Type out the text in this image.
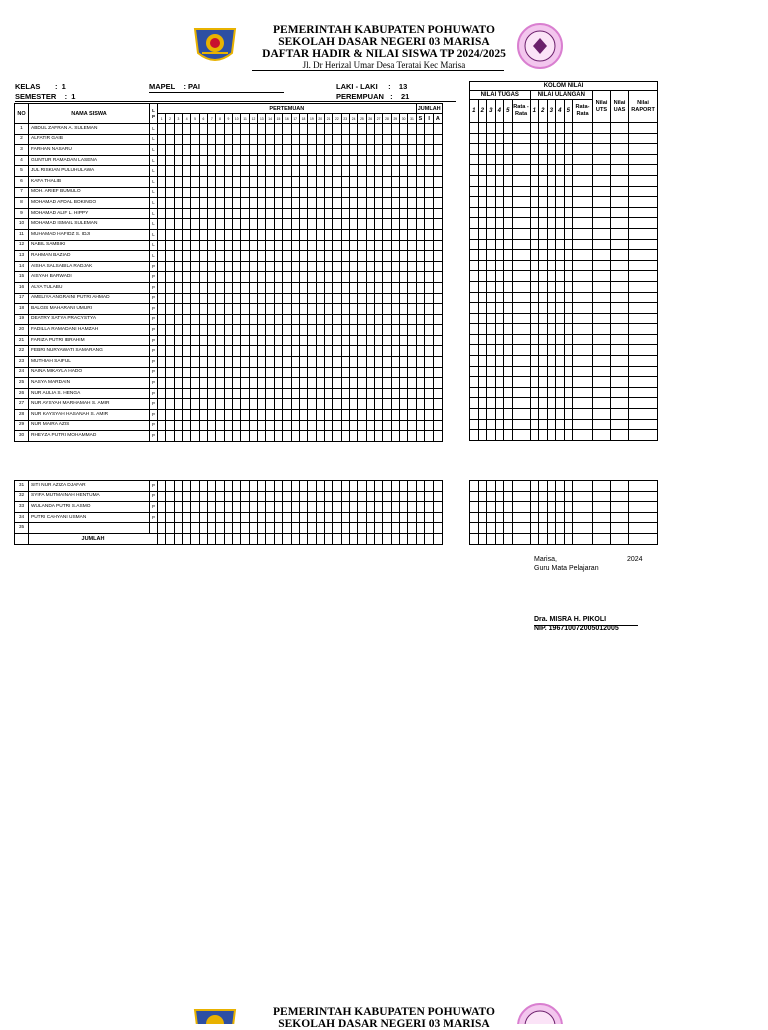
PEMERINTAH KABUPATEN POHUWATO
SEKOLAH DASAR NEGERI 03 MARISA
DAFTAR HADIR & NILAI SISWA TP 2024/2025
Jl. Dr Herizal Umar Desa Teratai Kec Marisa
KELAS       :  1
SEMESTER    :  1
MAPEL    : PAI	LAKI - LAKI     :    13
PEREMPUAN   :    21
NO	NAMA SISWA	L
P	PERTEMUAN																															JUMLAH		
			1	2	3	4	5	6	7	8	9	10	11	12	13	14	15	16	17	18	19	20	21	22	23	24	25	26	27	28	29	30	31	S	I	A
1	ABDUL ZAFRAN A. SULEMAN	L																																		
2	ALFATIR GAIB	L																																		
3	FARHAN NASARU	L																																		
4	GUNTUR RAMADAN LASENA	L																																		
5	JUL RISKIAN PULUHULAWA	L																																		
6	KAFA THALIB	L																																		
7	MOH. ARIEF BUMULO	L																																		
8	MOHAMAD AFDAL BOKINGO	L																																		
9	MOHAMAD ALIF L. HIPPY	L																																		
10	MOHAMAD ISMAIL SULEMAN	L																																		
11	MUHAMAD HAFIDZ S. IDJI	L																																		
12	NABIL SAMBIKI	L																																		
13	RAHMAN BAZIAD	L																																		
14	AISHA SALSABILA RADJAK	P																																		
15	AISYAH BARWADI	P																																		
16	ALYA TULABU	P																																		
17	AMELIYA ANGRAINI PUTRI AHMAD	P																																		
18	BALGIS MAHARANI UMURI	P																																		
19	DEATRY SATYA PRACYSTYA	P																																		
20	FADILLA RAMADANI HAMZAH	P																																		
21	FARIZA PUTRI IBRAHIM	P																																		
22	FEBRI NURYAWATI SAMARANG	P																																		
23	MUTHIAH SAIFUL	P																																		
24	NAINA MIKAYLA HADO	P																																		
25	NASYA MARDAIN	P																																		
26	NUR AULIA S. HENGA	P																																		
27	NUR AYSYAH MARHAMAH S. AMIR	P																																		
28	NUR KAYSYAH HASANAH S. AMIR	P																																		
29	NUR MAIRA AZIS	P																																		
30	RHEYZA PUTRI MOHAMMAD	P																																		
31	SITI NUR AZIZA DJAFAR	P																																		
32	SYIFA MUTMAINAH HENTUMA	P																																		
33	WULANDA PUTRI S.ASMO	P																																		
34	PUTRI CAHYANI USMAN	P																																		
35																																				
	JUMLAH																																			
KOLOM NILAI														
NILAI TUGAS						NILAI ULANGAN						Nilai UTS	Nilai UAS	Nilai RAPORT
1	2	3	4	5	Rata - Rata	1	2	3	4	5	Rata- Rata			

Marisa,	2024
Guru Mata Pelajaran
Dra. MISRA H. PIKOLI
NIP. 196710072005012005
PEMERINTAH KABUPATEN POHUWATO
SEKOLAH DASAR NEGERI 03 MARISA
